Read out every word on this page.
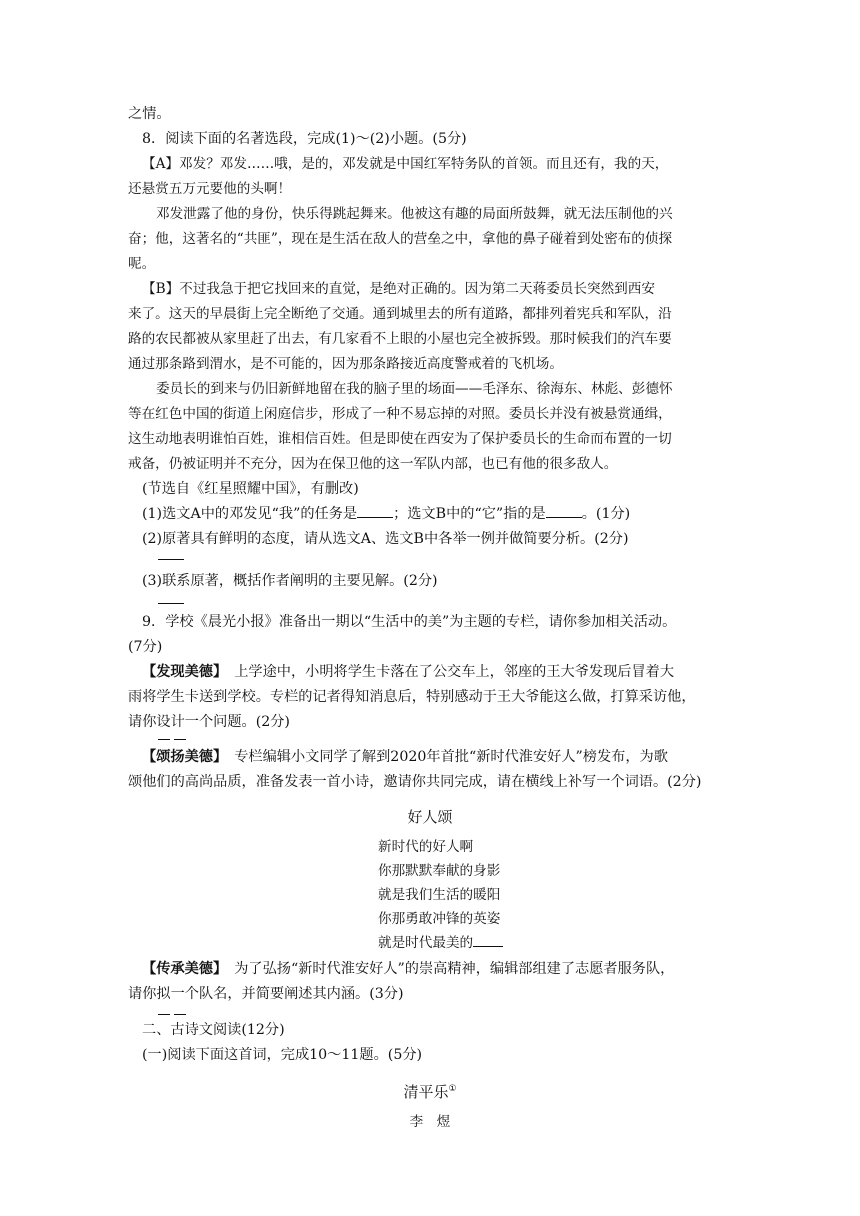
之情。
8．阅读下面的名著选段，完成(1)～(2)小题。(5分)
【A】邓发？邓发……哦，是的，邓发就是中国红军特务队的首领。而且还有，我的天，
还悬赏五万元要他的头啊！
邓发泄露了他的身份，快乐得跳起舞来。他被这有趣的局面所鼓舞，就无法压制他的兴
奋；他，这著名的“共匪”，现在是生活在敌人的营垒之中，拿他的鼻子碰着到处密布的侦探
呢。
【B】不过我急于把它找回来的直觉，是绝对正确的。因为第二天蒋委员长突然到西安
来了。这天的早晨街上完全断绝了交通。通到城里去的所有道路，都排列着宪兵和军队，沿
路的农民都被从家里赶了出去，有几家看不上眼的小屋也完全被拆毁。那时候我们的汽车要
通过那条路到渭水，是不可能的，因为那条路接近高度警戒着的飞机场。
委员长的到来与仍旧新鲜地留在我的脑子里的场面——毛泽东、徐海东、林彪、彭德怀
等在红色中国的街道上闲庭信步，形成了一种不易忘掉的对照。委员长并没有被悬赏通缉，
这生动地表明谁怕百姓，谁相信百姓。但是即使在西安为了保护委员长的生命而布置的一切
戒备，仍被证明并不充分，因为在保卫他的这一军队内部，也已有他的很多敌人。
(节选自《红星照耀中国》，有删改)
(1)选文A中的邓发见“我”的任务是	；选文B中的“它”指的是	。(1分)
(2)原著具有鲜明的态度，请从选文A、选文B中各举一例并做简要分析。(2分)
(3)联系原著，概括作者阐明的主要见解。(2分)
9．学校《晨光小报》准备出一期以“生活中的美”为主题的专栏，请你参加相关活动。
(7分)
【发现美德】　 上学途中，小明将学生卡落在了公交车上，邻座的王大爷发现后冒着大
雨将学生卡送到学校。专栏的记者得知消息后，特别感动于王大爷能这么做，打算采访他，
请你设计一个问题。(2分)
【颂扬美德】　 专栏编辑小文同学了解到2020年首批“新时代淮安好人”榜发布，为歌
颂他们的高尚品质，准备发表一首小诗，邀请你共同完成，请在横线上补写一个词语。(2分)
好人颂
新时代的好人啊
你那默默奉献的身影
就是我们生活的暖阳
你那勇敢冲锋的英姿
就是时代最美的
【传承美德】　 为了弘扬“新时代淮安好人”的崇高精神，编辑部组建了志愿者服务队，
请你拟一个队名，并简要阐述其内涵。(3分)
二、古诗文阅读(12分)
(一)阅读下面这首词，完成10～11题。(5分)
清平乐①
李　煜
